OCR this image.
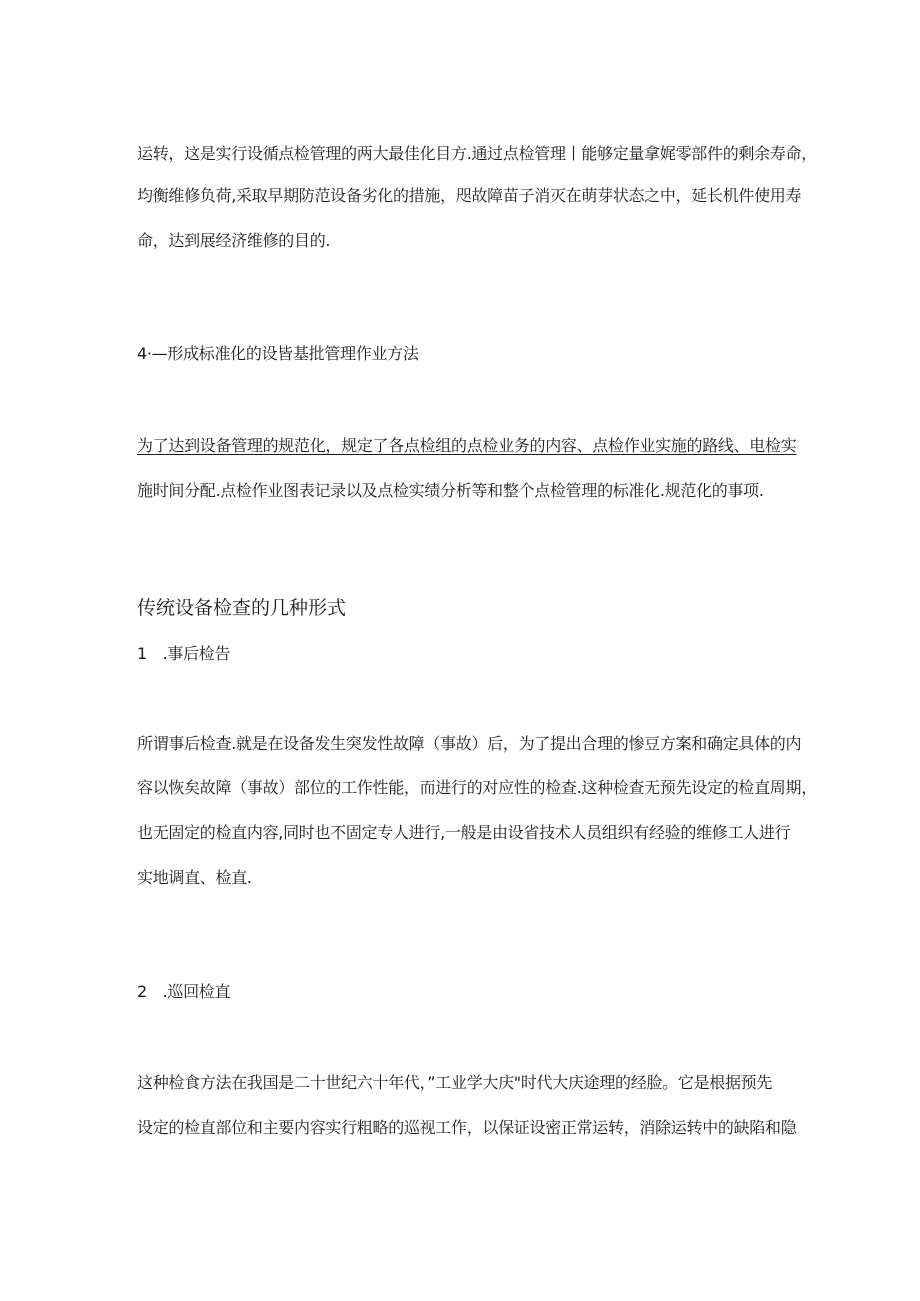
运转，这是实行设循点检管理的两大最佳化目方.通过点检管理丨能够定量拿娓零部件的剩余寿命，
均衡维修负荷,采取早期防范设备劣化的措施，咫故障苗子消灭在萌芽状态之中，延长机件使用寿
命，达到展经济维修的目的.
4·—形成标准化的设皆基批管理作业方法
为了达到设备管理的规范化，规定了各点检组的点检业务的内容、点检作业实施的路线、电检实
施时间分配.点检作业图表记录以及点检实绩分析等和整个点检管理的标准化.规范化的事项.
传统设备检查的几种形式
1　.事后检告
所谓事后检查.就是在设备发生突发性故障（事故）后，为了提出合理的惨豆方案和确定具体的内
容以恢矣故障（事故）部位的工作性能，而进行的对应性的检查.这种检查无预先设定的检直周期，
也无固定的检直内容,同时也不固定专人进行,一般是由设省技术人员组织有经验的维修工人进行
实地调直、检直.
2　.巡回检直
这种检食方法在我国是二十世纪六十年代，”工业学大庆"时代大庆途理的经脸。它是根据预先
设定的检直部位和主要内容实行粗略的巡视工作，以保证设密正常运转，消除运转中的缺陷和隐
